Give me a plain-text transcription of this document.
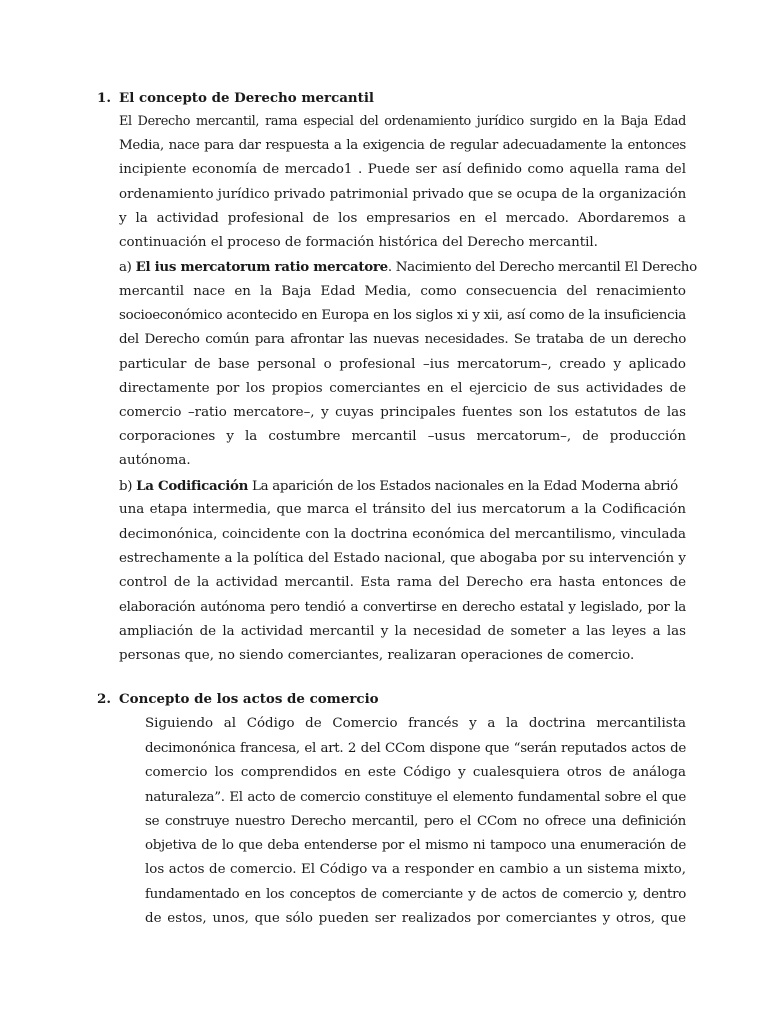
1. El concepto de Derecho mercantil
El Derecho mercantil, rama especial del ordenamiento jurídico surgido en la Baja Edad
Media, nace para dar respuesta a la exigencia de regular adecuadamente la entonces
incipiente economía de mercado1 . Puede ser así definido como aquella rama del
ordenamiento jurídico privado patrimonial privado que se ocupa de la organización
y la actividad profesional de los empresarios en el mercado. Abordaremos a
continuación el proceso de formación histórica del Derecho mercantil.
a) El ius mercatorum ratio mercatore. Nacimiento del Derecho mercantil El Derecho
mercantil nace en la Baja Edad Media, como consecuencia del renacimiento
socioeconómico acontecido en Europa en los siglos xi y xii, así como de la insuficiencia
del Derecho común para afrontar las nuevas necesidades. Se trataba de un derecho
particular de base personal o profesional –ius mercatorum–, creado y aplicado
directamente por los propios comerciantes en el ejercicio de sus actividades de
comercio –ratio mercatore–, y cuyas principales fuentes son los estatutos de las
corporaciones y la costumbre mercantil –usus mercatorum–, de producción
autónoma.
b) La Codificación La aparición de los Estados nacionales en la Edad Moderna abrió
una etapa intermedia, que marca el tránsito del ius mercatorum a la Codificación
decimonónica, coincidente con la doctrina económica del mercantilismo, vinculada
estrechamente a la política del Estado nacional, que abogaba por su intervención y
control de la actividad mercantil. Esta rama del Derecho era hasta entonces de
elaboración autónoma pero tendió a convertirse en derecho estatal y legislado, por la
ampliación de la actividad mercantil y la necesidad de someter a las leyes a las
personas que, no siendo comerciantes, realizaran operaciones de comercio.
2. Concepto de los actos de comercio
Siguiendo al Código de Comercio francés y a la doctrina mercantilista
decimonónica francesa, el art. 2 del CCom dispone que “serán reputados actos de
comercio los comprendidos en este Código y cualesquiera otros de análoga
naturaleza”. El acto de comercio constituye el elemento fundamental sobre el que
se construye nuestro Derecho mercantil, pero el CCom no ofrece una definición
objetiva de lo que deba entenderse por el mismo ni tampoco una enumeración de
los actos de comercio. El Código va a responder en cambio a un sistema mixto,
fundamentado en los conceptos de comerciante y de actos de comercio y, dentro
de estos, unos, que sólo pueden ser realizados por comerciantes y otros, que
